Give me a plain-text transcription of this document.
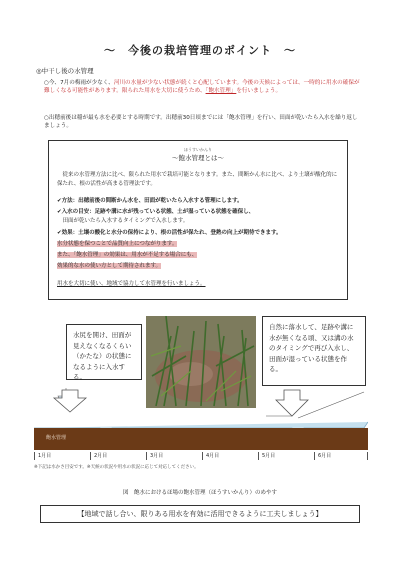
～　今後の栽培管理のポイント　～
◎中干し後の水管理
○今、7月の梅雨が少なく、河川の水量が少ない状態が続くと心配しています。今後の天候によっては、一時的に用水の確保が難しくなる可能性があります。限られた用水を大切に使うため、「飽水管理」を行いましょう。
○出穂前後は稲が最も水を必要とする時期です。出穂前30日頃までには「飽水管理」を行い、田面が乾いたら入水を繰り返しましょう。
ほうすいかんり
～飽水管理とは～
　従来の水管理方法に比べ、限られた用水で栽培可能となります。また、間断かん水に比べ、より土壌が酸化的に保たれ、根の活性が高まる管理法です。
✔方法：出穂前後の間断かん水を、田面が乾いたら入水する管理にします。
✔入水の目安：足跡や溝に水が残っている状態、土が湿っている状態を確保し、
　田面が乾いたら入水するタイミングで入水します。
✔効果：土壌の酸化と水分の保持により、根の活性が保たれ、登熟の向上が期待できます。
水分状態を保つことで品質向上につながります。
また、「飽水管理」の効果は、用水が不足する場合にも、
効果的な水の使い方として期待されます。
用水を大切に使い、地域で協力して水管理を行いましょう。
水尻を開け、田面が見えなくなるくらい（かたな）の状態になるように入水する。
自然に落水して、足跡や溝に水が無くなる頃、又は溝の水のタイミングで再び入水し、田面が湿っている状態を作る。
飽水管理
1月目	2月目	3月目	4月目	5月目	6月目
※下記は水かさ目安です。※天候の状況や用水の状況に応じて対応してください。
図　飽水におけるほ場の飽水管理（ほうすいかんり）のめやす
【地域で話し合い、限りある用水を有効に活用できるように工夫しましょう】
